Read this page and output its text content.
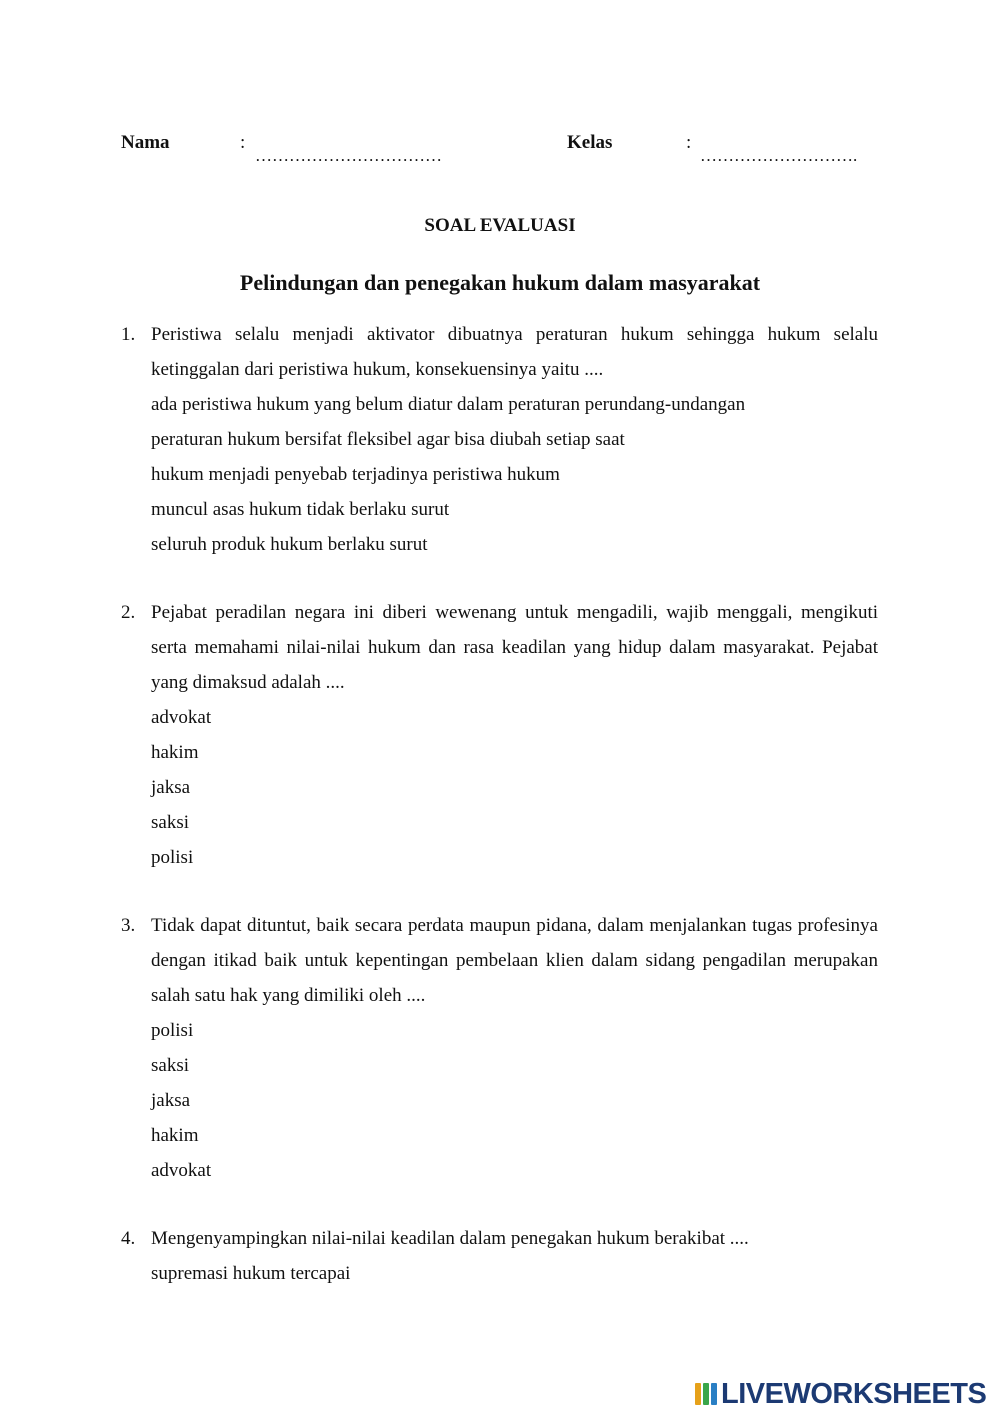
Nama	:
……………………………
Kelas	:
……………………….
SOAL EVALUASI
Pelindungan dan penegakan hukum dalam masyarakat
1. Peristiwa selalu menjadi aktivator dibuatnya peraturan hukum sehingga hukum selalu ketinggalan dari peristiwa hukum, konsekuensinya yaitu ....
ada peristiwa hukum yang belum diatur dalam peraturan perundang-undangan
peraturan hukum bersifat fleksibel agar bisa diubah setiap saat
hukum menjadi penyebab terjadinya peristiwa hukum
muncul asas hukum tidak berlaku surut
seluruh produk hukum berlaku surut
2. Pejabat peradilan negara ini diberi wewenang untuk mengadili, wajib menggali, mengikuti serta memahami nilai-nilai hukum dan rasa keadilan yang hidup dalam masyarakat. Pejabat yang dimaksud adalah ....
advokat
hakim
jaksa
saksi
polisi
3. Tidak dapat dituntut, baik secara perdata maupun pidana, dalam menjalankan tugas profesinya dengan itikad baik untuk kepentingan pembelaan klien dalam sidang pengadilan merupakan salah satu hak yang dimiliki oleh ....
polisi
saksi
jaksa
hakim
advokat
4. Mengenyampingkan nilai-nilai keadilan dalam penegakan hukum berakibat ....
supremasi hukum tercapai
LIVEWORKSHEETS
